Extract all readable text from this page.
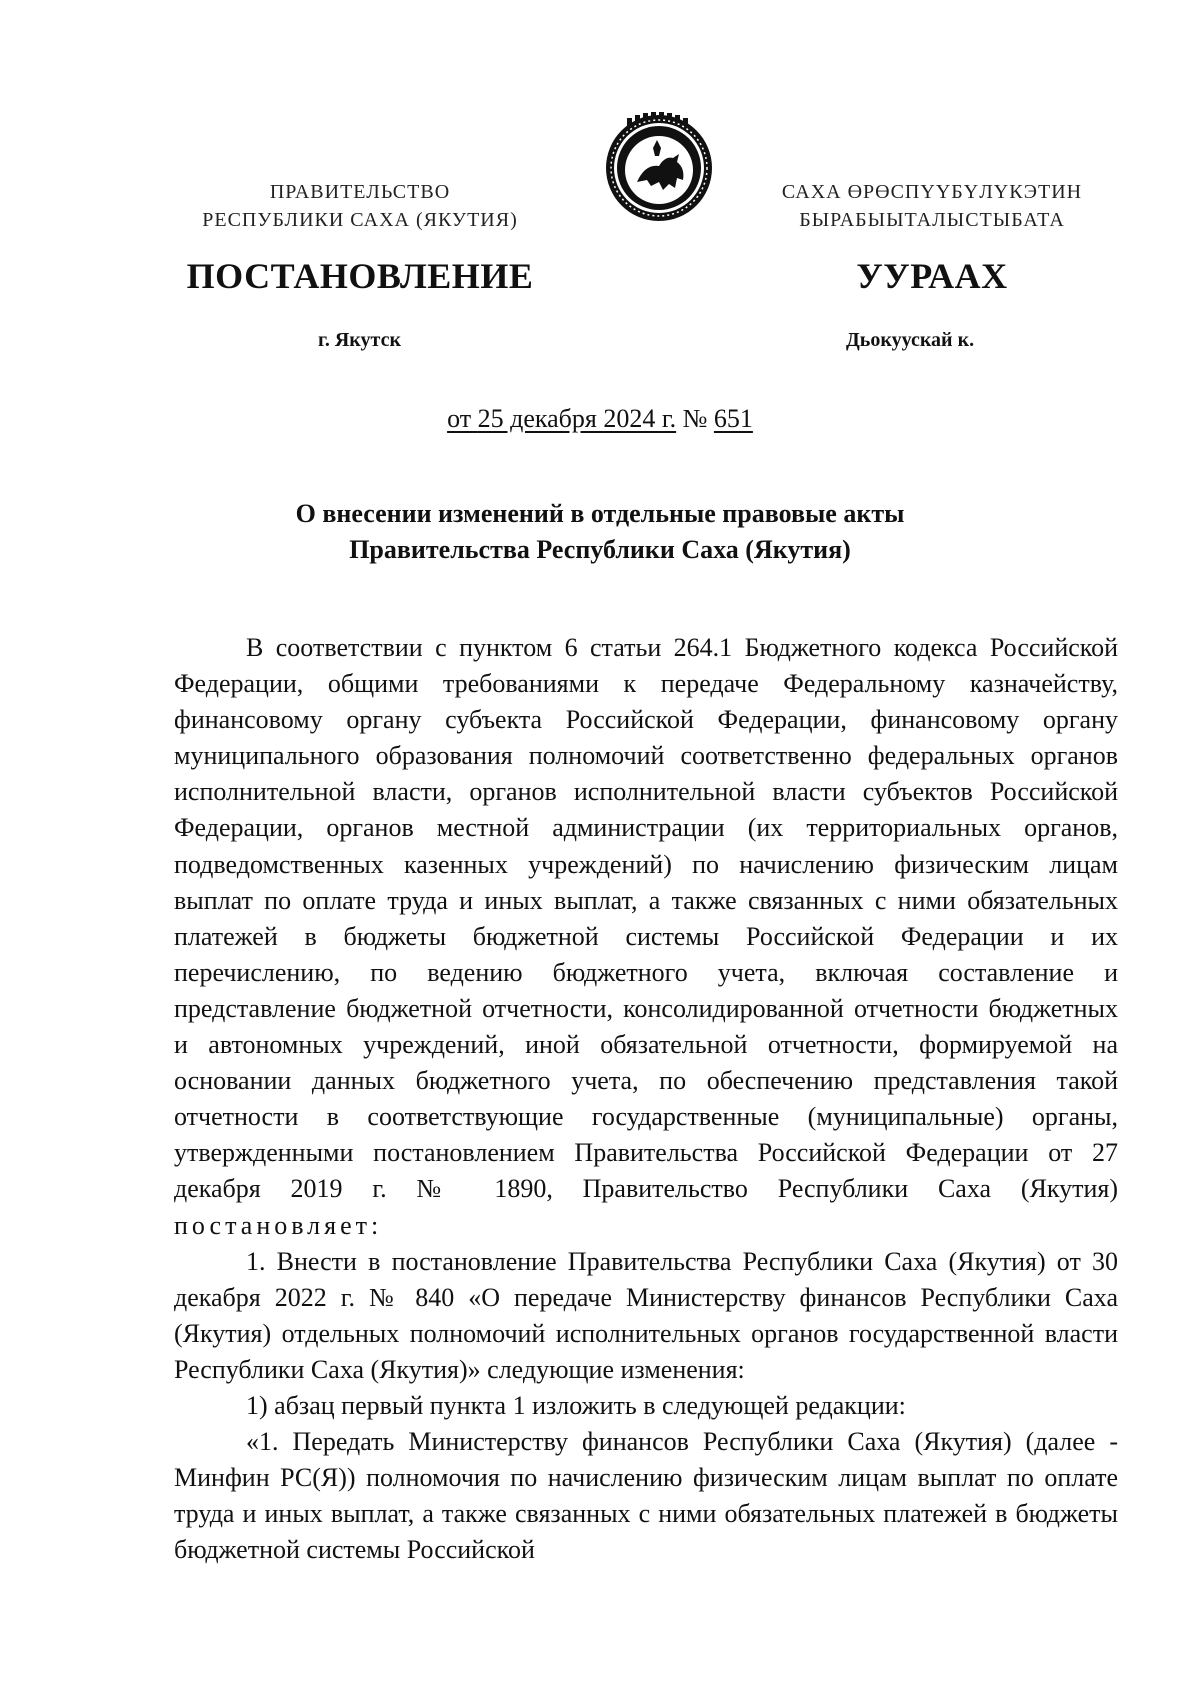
ПРАВИТЕЛЬСТВО
РЕСПУБЛИКИ САХА (ЯКУТИЯ)
САХА ӨРӨСПҮҮБҮЛҮКЭТИН
БЫРАБЫЫТАЛЫСТЫБАТА
ПОСТАНОВЛЕНИЕ	УУРААХ
г. Якутск	Дьокуускай к.
от 25 декабря 2024 г. № 651
О внесении изменений в отдельные правовые акты
Правительства Республики Саха (Якутия)

В соответствии с пунктом 6 статьи 264.1 Бюджетного кодекса Российской Федерации, общими требованиями к передаче Федеральному казначейству, финансовому органу субъекта Российской Федерации, финансовому органу муниципального образования полномочий соответственно федеральных органов исполнительной власти, органов исполнительной власти субъектов Российской Федерации, органов местной администрации (их территориальных органов, подведомственных казенных учреждений) по начислению физическим лицам выплат по оплате труда и иных выплат, а также связанных с ними обязательных платежей в бюджеты бюджетной системы Российской Федерации и их перечислению, по ведению бюджетного учета, включая составление и представление бюджетной отчетности, консолидированной отчетности бюджетных и автономных учреждений, иной обязательной отчетности, формируемой на основании данных бюджетного учета, по обеспечению представления такой отчетности в соответствующие государственные (муниципальные) органы, утвержденными постановлением Правительства Российской Федерации от 27 декабря 2019 г. № 1890, Правительство Республики Саха (Якутия) постановляет:

1. Внести в постановление Правительства Республики Саха (Якутия) от 30 декабря 2022 г. № 840 «О передаче Министерству финансов Республики Саха (Якутия) отдельных полномочий исполнительных органов государственной власти Республики Саха (Якутия)» следующие изменения:

1) абзац первый пункта 1 изложить в следующей редакции:

«1. Передать Министерству финансов Республики Саха (Якутия) (далее - Минфин РС(Я)) полномочия по начислению физическим лицам выплат по оплате труда и иных выплат, а также связанных с ними обязательных платежей в бюджеты бюджетной системы Российской
